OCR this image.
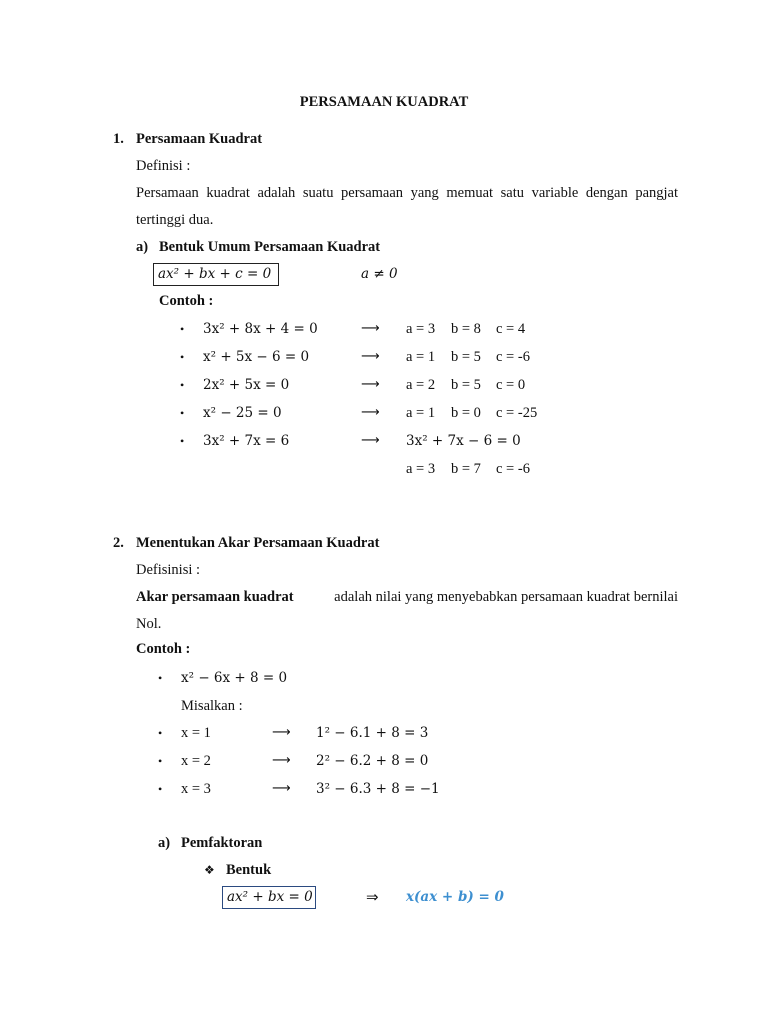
PERSAMAAN KUADRAT
1. Persamaan Kuadrat
Definisi :
Persamaan kuadrat adalah suatu persamaan yang memuat satu variable dengan pangjat
tertinggi dua.
a) Bentuk Umum Persamaan Kuadrat
ax² + bx + c = 0	a ≠ 0
Contoh :
• 3x² + 8x + 4 = 0	⟶ a = 3 b = 8 c = 4
• x² + 5x − 6 = 0	⟶ a = 1 b = 5 c = -6
• 2x² + 5x = 0	⟶ a = 2 b = 5 c = 0
• x² − 25 = 0	⟶ a = 1 b = 0 c = -25
• 3x² + 7x = 6	⟶ 3x² + 7x − 6 = 0
a = 3 b = 7 c = -6
2. Menentukan Akar Persamaan Kuadrat
Defisinisi :
Akar persamaan kuadrat	adalah nilai yang menyebabkan persamaan kuadrat bernilai
Nol.
Contoh :
• x² − 6x + 8 = 0
Misalkan :
• x = 1	⟶ 1² − 6.1 + 8 = 3
• x = 2	⟶ 2² − 6.2 + 8 = 0
• x = 3	⟶ 3² − 6.3 + 8 = −1
a) Pemfaktoran
❖ Bentuk
ax² + bx = 0	⇒ x(ax + b) = 0
